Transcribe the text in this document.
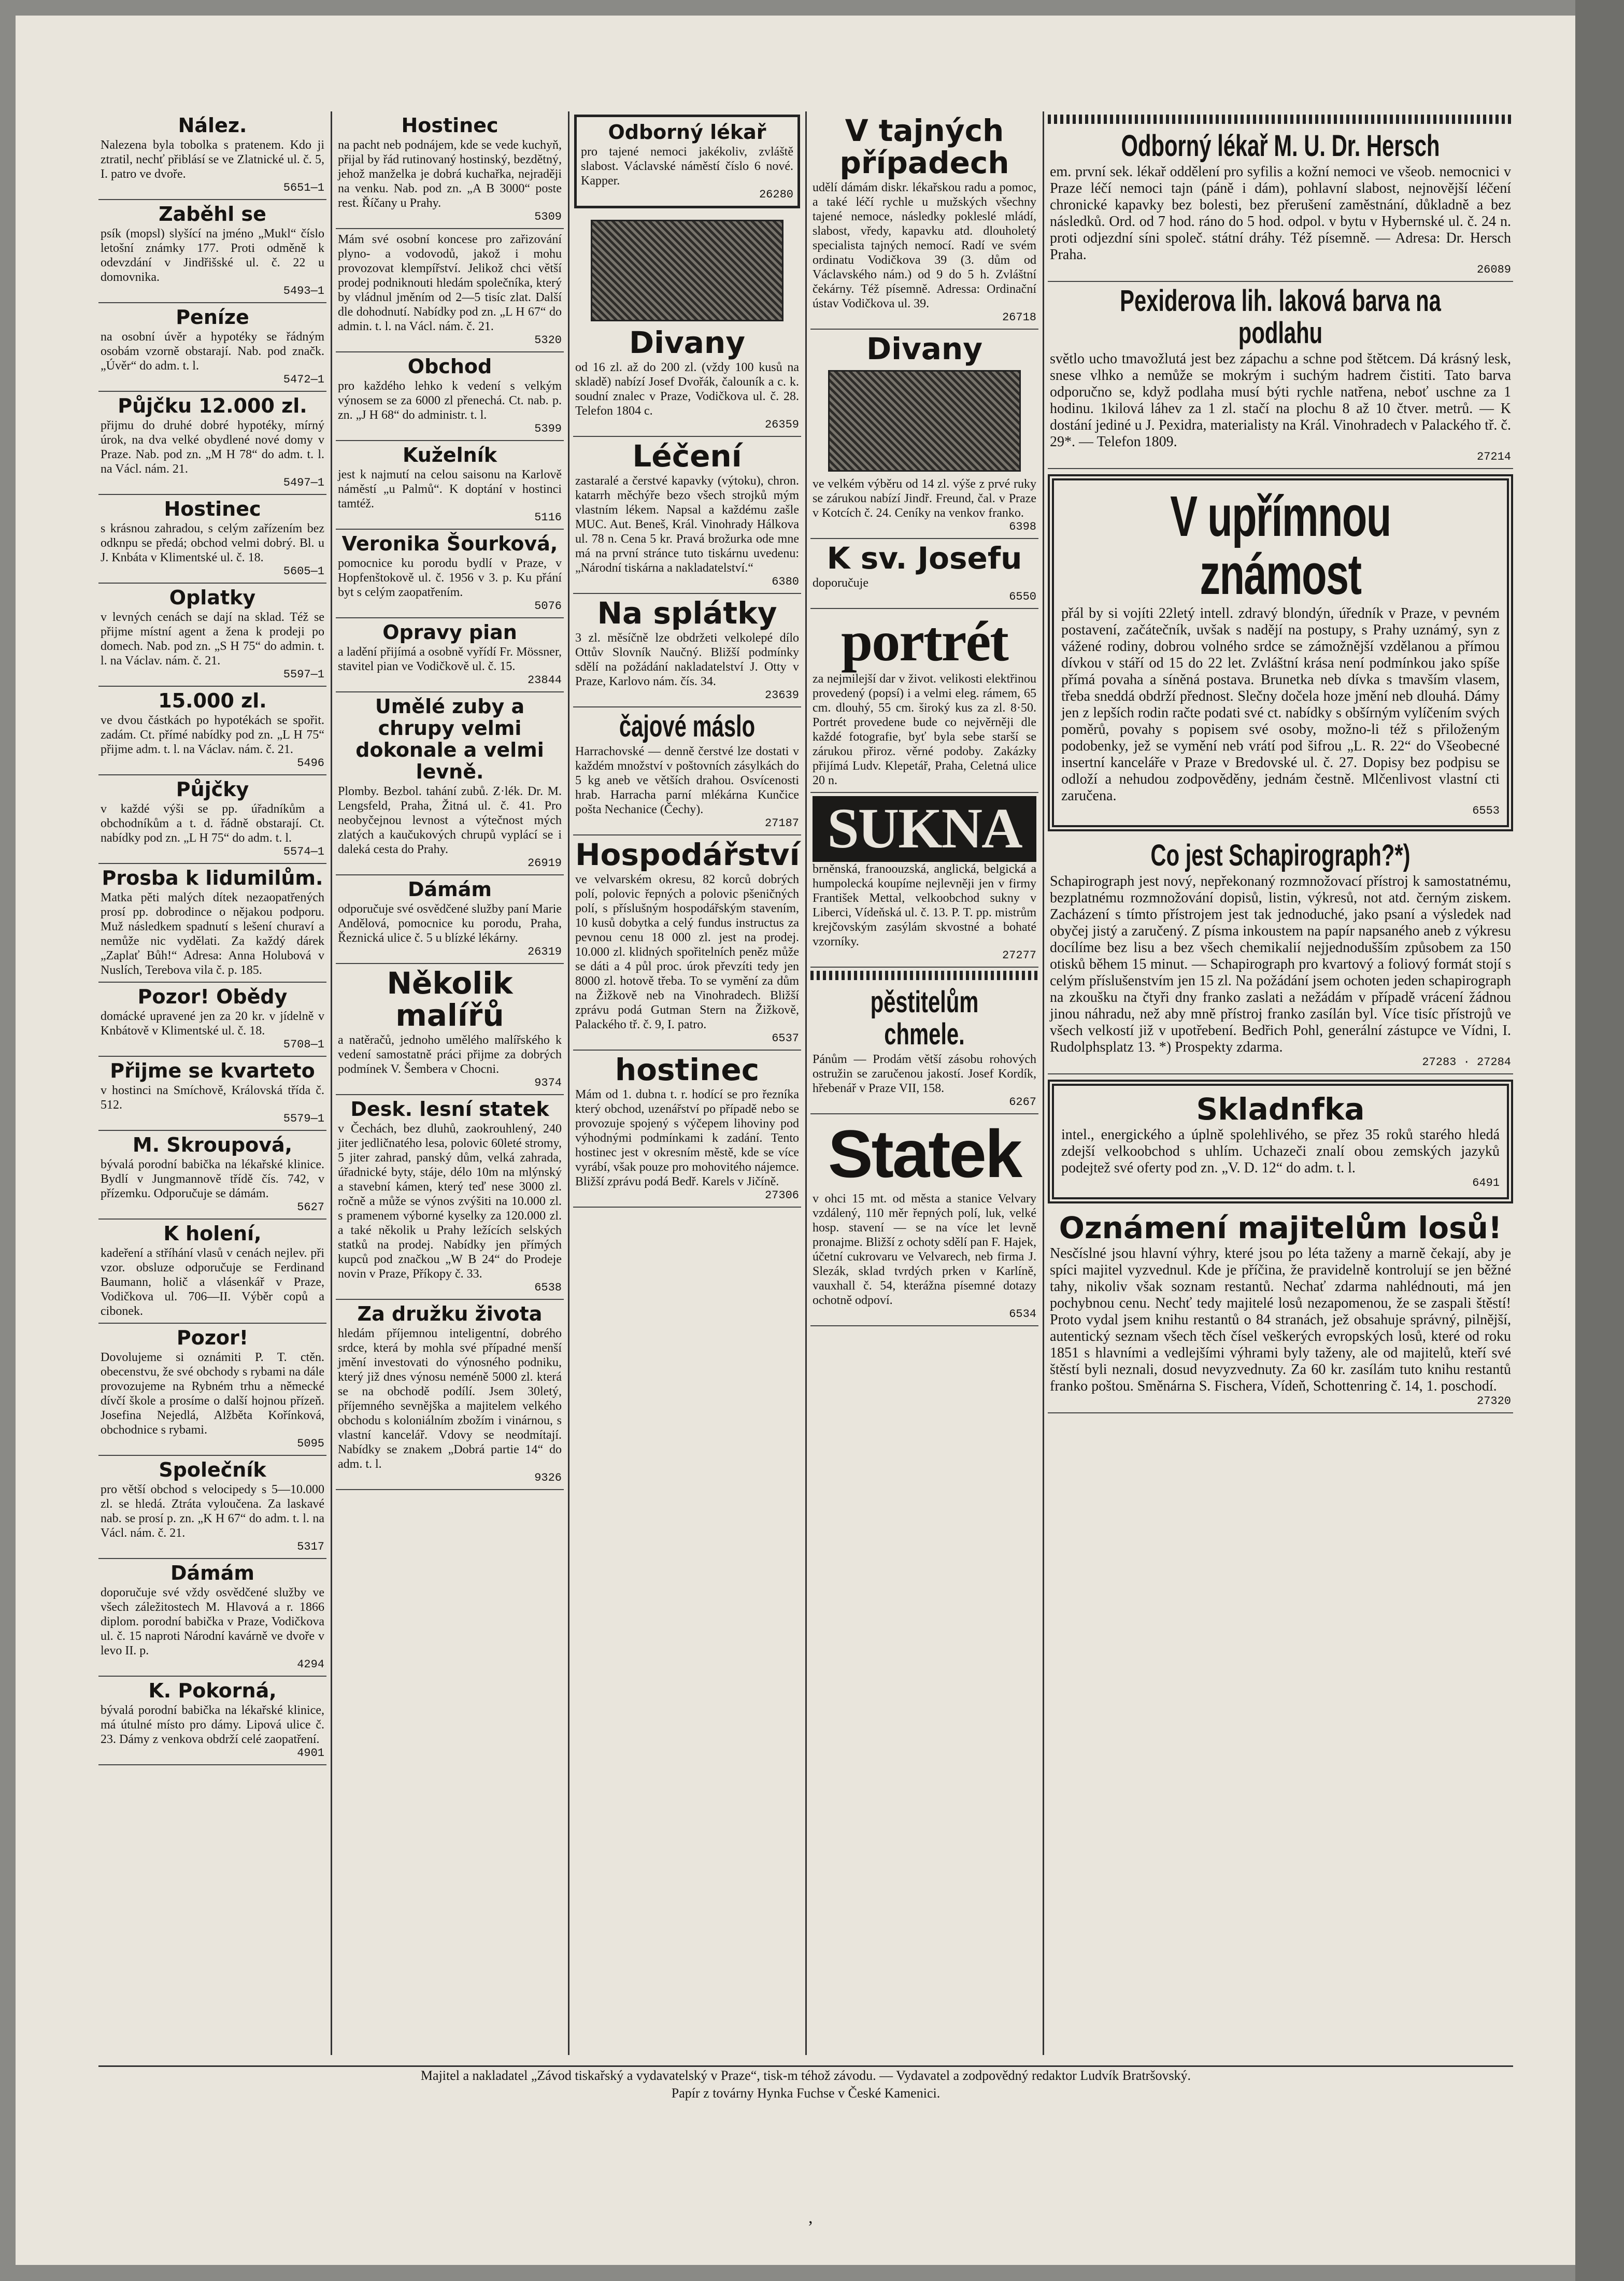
Nález.
Nalezena byla tobolka s pratenem. Kdo ji ztratil, nechť přiblásí se ve Zlatnické ul. č. 5, I. patro ve dvoře.
5651—1
Zaběhl se
psík (mopsl) slyšící na jméno „Mukl“ číslo letošní známky 177. Proti odměně k odevzdání v Jindřišské ul. č. 22 u domovnika.
5493—1
Peníze
na osobní úvěr a hypotéky se řádným osobám vzorně obstarají. Nab. pod značk. „Úvěr“ do adm. t. l.
5472—1
Půjčku 12.000 zl.
přijmu do druhé dobré hypotéky, mírný úrok, na dva velké obydlené nové domy v Praze. Nab. pod zn. „M H 78“ do adm. t. l. na Václ. nám. 21.
5497—1
Hostinec
s krásnou zahradou, s celým zařízením bez odknpu se předá; obchod velmi dobrý. Bl. u J. Knbáta v Klimentské ul. č. 18.
5605—1
Oplatky
v levných cenách se dají na sklad. Též se přijme místní agent a žena k prodeji po domech. Nab. pod zn. „S H 75“ do admin. t. l. na Václav. nám. č. 21.
5597—1
15.000 zl.
ve dvou částkách po hypotékách se spořit. zadám. Ct. přímé nabídky pod zn. „L H 75“ přijme adm. t. l. na Václav. nám. č. 21.
5496
Půjčky
v každé výši se pp. úřadníkům a obchodníkům a t. d. řádně obstarají. Ct. nabídky pod zn. „L H 75“ do adm. t. l.
5574—1
Prosba k lidumilům.
Matka pěti malých dítek nezaopatřených prosí pp. dobrodince o nějakou podporu. Muž následkem spadnutí s lešení churaví a nemůže nic vydělati. Za každý dárek „Zaplať Bůh!“ Adresa: Anna Holubová v Nuslích, Terebova vila č. p. 185.
Pozor! Obědy
domácké upravené jen za 20 kr. v jídelně v Knbátově v Klimentské ul. č. 18.
5708—1
Přijme se kvarteto
v hostinci na Smíchově, Královská třída č. 512.
5579—1
M. Skroupová,
bývalá porodní babička na lékařské klinice. Bydlí v Jungmannově třídě čís. 742, v přízemku. Odporučuje se dámám.
5627
K holení,
kadeření a stříhání vlasů v cenách nejlev. při vzor. obsluze odporučuje se Ferdinand Baumann, holič a vlásenkář v Praze, Vodičkova ul. 706—II. Výběr copů a cibonek.
Pozor!
Dovolujeme si oznámiti P. T. ctěn. obecenstvu, že své obchody s rybami na dále provozujeme na Rybném trhu a německé dívčí škole a prosíme o další hojnou přízeň. Josefina Nejedlá, Alžběta Kořínková, obchodnice s rybami.
5095
Společník
pro větší obchod s velocipedy s 5—10.000 zl. se hledá. Ztráta vyloučena. Za laskavé nab. se prosí p. zn. „K H 67“ do adm. t. l. na Václ. nám. č. 21.
5317
Dámám
doporučuje své vždy osvědčené služby ve všech záležitostech M. Hlavová a r. 1866 diplom. porodní babička v Praze, Vodičkova ul. č. 15 naproti Národní kavárně ve dvoře v levo II. p.
4294
K. Pokorná,
bývalá porodní babička na lékařské klinice, má útulné místo pro dámy. Lipová ulice č. 23. Dámy z venkova obdrží celé zaopatření.
4901
Hostinec
na pacht neb podnájem, kde se vede kuchyň, přijal by řád rutinovaný hostinský, bezdětný, jehož manželka je dobrá kuchařka, nejraději na venku. Nab. pod zn. „A B 3000“ poste rest. Říčany u Prahy.
5309
Mám své osobní koncese pro zařizování plyno- a vodovodů, jakož i mohu provozovat klempířství. Jelikož chci větší prodej podniknouti hledám společníka, který by vládnul jměním od 2—5 tisíc zlat. Další dle dohodnutí. Nabídky pod zn. „L H 67“ do admin. t. l. na Václ. nám. č. 21.
5320
Obchod
pro každého lehko k vedení s velkým výnosem se za 6000 zl přenechá. Ct. nab. p. zn. „J H 68“ do administr. t. l.
5399
Kuželník
jest k najmutí na celou saisonu na Karlově náměstí „u Palmů“. K doptání v hostinci tamtéž.
5116
Veronika Šourková,
pomocnice ku porodu bydlí v Praze, v Hopfenštokově ul. č. 1956 v 3. p. Ku přání byt s celým zaopatřením.
5076
Opravy pian
a ladění přijímá a osobně vyřídí Fr. Mössner, stavitel pian ve Vodičkově ul. č. 15.
23844
Umělé zuby a chrupy velmi dokonale a velmi levně.
Plomby. Bezbol. tahání zubů. Z·lék. Dr. M. Lengsfeld, Praha, Žitná ul. č. 41. Pro neobyčejnou levnost a výtečnost mých zlatých a kaučukových chrupů vyplácí se i daleká cesta do Prahy.
26919
Dámám
odporučuje své osvědčené služby paní Marie Andělová, pomocnice ku porodu, Praha, Řeznická ulice č. 5 u blízké lékárny.
26319
Několik malířů
a natěračů, jednoho umělého malířského k vedení samostatně práci přijme za dobrých podmínek V. Šembera v Chocni.
9374
Desk. lesní statek
v Čechách, bez dluhů, zaokrouhlený, 240 jiter jedličnatého lesa, polovic 60leté stromy, 5 jiter zahrad, panský dům, velká zahrada, úřadnické byty, stáje, délo 10m na mlýnský a stavební kámen, který teď nese 3000 zl. ročně a může se výnos zvýšiti na 10.000 zl. s pramenem výborné kyselky za 120.000 zl. a také několik u Prahy ležících selských statků na prodej. Nabídky jen přímých kupců pod značkou „W B 24“ do Prodeje novin v Praze, Příkopy č. 33.
6538
Za družku života
hledám příjemnou inteligentní, dobrého srdce, která by mohla své případné menší jmění investovati do výnosného podniku, který již dnes výnosu neméně 5000 zl. která se na obchodě podílí. Jsem 30letý, příjemného sevnějška a majitelem velkého obchodu s koloniálním zbožím i vinárnou, s vlastní kancelář. Vdovy se neodmítají. Nabídky se znakem „Dobrá partie 14“ do adm. t. l.
9326
Odborný lékař
pro tajené nemoci jakékoliv, zvláště slabost. Václavské náměstí číslo 6 nové. Kapper.
26280
Divany
od 16 zl. až do 200 zl. (vždy 100 kusů na skladě) nabízí Josef Dvořák, čalouník a c. k. soudní znalec v Praze, Vodičkova ul. č. 28. Telefon 1804 c.
26359
Léčení
zastaralé a čerstvé kapavky (výtoku), chron. katarrh měchýře bezo všech strojků mým vlastním lékem. Napsal a každému zašle MUC. Aut. Beneš, Král. Vinohrady Hálkova ul. 78 n. Cena 5 kr. Pravá brožurka ode mne má na první stránce tuto tiskárnu uvedenu: „Národní tiskárna a nakladatelství.“
6380
Na splátky
3 zl. měsíčně lze obdržeti velkolepé dílo Ottův Slovník Naučný. Bližší podmínky sdělí na požádání nakladatelství J. Otty v Praze, Karlovo nám. čís. 34.
23639
čajové máslo
Harrachovské — denně čerstvé lze dostati v každém množství v poštovních zásylkách do 5 kg aneb ve větších drahou. Osvícenosti hrab. Harracha parní mlékárna Kunčice pošta Nechanice (Čechy).
27187
Hospodářství
ve velvarském okresu, 82 korců dobrých polí, polovic řepných a polovic pšeničných polí, s příslušným hospodářským stavením, 10 kusů dobytka a celý fundus instructus za pevnou cenu 18 000 zl. jest na prodej. 10.000 zl. klidných spořitelních peněz může se dáti a 4 půl proc. úrok převzíti tedy jen 8000 zl. hotově třeba. To se vymění za dům na Žižkově neb na Vinohradech. Bližší zprávu podá Gutman Stern na Žižkově, Palackého tř. č. 9, I. patro.
6537
hostinec
Mám od 1. dubna t. r. hodící se pro řezníka který obchod, uzenářství po případě nebo se provozuje spojený s výčepem lihoviny pod výhodnými podmínkami k zadání. Tento hostinec jest v okresním městě, kde se více vyrábí, však pouze pro mohovitého nájemce. Bližší zprávu podá Bedř. Karels v Jičíně.
27306
V tajných případech
udělí dámám diskr. lékařskou radu a pomoc, a také léčí rychle u mužských všechny tajené nemoce, následky pokleslé mládí, slabost, vředy, kapavku atd. dlouholetý specialista tajných nemocí. Radí ve svém ordinatu Vodičkova 39 (3. dům od Václavského nám.) od 9 do 5 h. Zvláštní čekárny. Též písemně. Adressa: Ordinační ústav Vodičkova ul. 39.
26718
Divany
ve velkém výběru od 14 zl. výše z prvé ruky se zárukou nabízí Jindř. Freund, čal. v Praze v Kotcích č. 24. Ceníky na venkov franko.
6398
K sv. Josefu
doporučuje
6550
portrét
za nejmilejší dar v život. velikosti elektřinou provedený (popsí) i a velmi eleg. rámem, 65 cm. dlouhý, 55 cm. široký kus za zl. 8·50. Portrét provedene bude co nejvěrněji dle každé fotografie, byť byla sebe starší se zárukou přiroz. věrné podoby. Zakázky přijímá Ludv. Klepetář, Praha, Celetná ulice 20 n.
SUKNA
brněnská, franoouzská, anglická, belgická a humpolecká koupíme nejlevněji jen v firmy František Mettal, velkoobchod sukny v Liberci, Vídeňská ul. č. 13. P. T. pp. mistrům krejčovským zasýlám skvostné a bohaté vzorníky.
27277
pěstitelům chmele.
Pánům — Prodám větší zásobu rohových ostružin se zaručenou jakostí. Josef Kordík, hřebenář v Praze VII, 158.
6267
Statek
v ohci 15 mt. od města a stanice Velvary vzdálený, 110 měr řepných polí, luk, velké hosp. stavení — se na více let levně pronajme. Bližší z ochoty sdělí pan F. Hajek, účetní cukrovaru ve Velvarech, neb firma J. Slezák, sklad tvrdých prken v Karlíně, vauxhall č. 54, kterážna písemné dotazy ochotně odpoví.
6534
Odborný lékař M. U. Dr. Hersch
em. první sek. lékař oddělení pro syfilis a kožní nemoci ve všeob. nemocnici v Praze léčí nemoci tajn (páně i dám), pohlavní slabost, nejnovější léčení chronické kapavky bez bolesti, bez přerušení zaměstnání, důkladně a bez následků. Ord. od 7 hod. ráno do 5 hod. odpol. v bytu v Hybernské ul. č. 24 n. proti odjezdní síni společ. státní dráhy. Též písemně. — Adresa: Dr. Hersch Praha.
26089
Pexiderova lih. laková barva na podlahu
světlo ucho tmavožlutá jest bez zápachu a schne pod štětcem. Dá krásný lesk, snese vlhko a nemůže se mokrým i suchým hadrem čistiti. Tato barva odporučno se, když podlaha musí býti rychle natřena, neboť uschne za 1 hodinu. 1kilová láhev za 1 zl. stačí na plochu 8 až 10 čtver. metrů. — K dostání jediné u J. Pexidra, materialisty na Král. Vinohradech v Palackého tř. č. 29*. — Telefon 1809.
27214
V upřímnou známost
přál by si vojíti 22letý intell. zdravý blondýn, úředník v Praze, v pevném postavení, začátečník, uvšak s nadějí na postupy, s Prahy uznámý, syn z vážené rodiny, dobrou volného srdce se zámožnější vzdělanou a přímou dívkou v stáří od 15 do 22 let. Zvláštní krása není podmínkou jako spíše přímá povaha a síněná postava. Brunetka neb dívka s tmavším vlasem, třeba sneddá obdrží přednost. Slečny dočela hoze jmění neb dlouhá. Dámy jen z lepších rodin račte podati své ct. nabídky s obšírným vylíčením svých poměrů, povahy s popisem své osoby, možno-li též s přiloženým podobenky, jež se vymění neb vrátí pod šifrou „L. R. 22“ do Všeobecné insertní kanceláře v Praze v Bredovské ul. č. 27. Dopisy bez podpisu se odloží a nehudou zodpověděny, jednám čestně. Mlčenlivost vlastní cti zaručena.
6553
Co jest Schapirograph?*)
Schapirograph jest nový, nepřekonaný rozmnožovací přístroj k samostatnému, bezplatnému rozmnožování dopisů, listin, výkresů, not atd. černým ziskem. Zacházení s tímto přístrojem jest tak jednoduché, jako psaní a výsledek nad obyčej jistý a zaručený. Z písma inkoustem na papír napsaného aneb z výkresu docílíme bez lisu a bez všech chemikalií nejjednodušším způsobem za 150 otisků během 15 minut. — Schapirograph pro kvartový a foliový formát stojí s celým příslušenstvím jen 15 zl. Na požádání jsem ochoten jeden schapirograph na zkoušku na čtyři dny franko zaslati a nežádám v případě vrácení žádnou jinou náhradu, než aby mně přístroj franko zasílán byl. Více tisíc přístrojů ve všech velkostí již v upotřebení. Bedřich Pohl, generální zástupce ve Vídni, I. Rudolphsplatz 13. *) Prospekty zdarma.
27283 · 27284
Skladnfka
intel., energického a úplně spolehlivého, se přez 35 roků starého hledá zdejší velkoobchod s uhlím. Uchazeči znalí obou zemských jazyků podejtež své oferty pod zn. „V. D. 12“ do adm. t. l.
6491
Oznámení majitelům losů!
Nesčíslné jsou hlavní výhry, které jsou po léta taženy a marně čekají, aby je spíci majitel vyzvednul. Kde je příčina, že pravidelně kontrolují se jen běžné tahy, nikoliv však soznam restantů. Nechať zdarma nahlédnouti, má jen pochybnou cenu. Nechť tedy majitelé losů nezapomenou, že se zaspali štěstí! Proto vydal jsem knihu restantů o 84 stranách, jež obsahuje správný, pilnější, autentický seznam všech těch čísel veškerých evropských losů, které od roku 1851 s hlavními a vedlejšími výhrami byly taženy, ale od majitelů, kteří své štěstí byli neznali, dosud nevyzvednuty. Za 60 kr. zasílám tuto knihu restantů franko poštou. Směnárna S. Fischera, Vídeň, Schottenring č. 14, 1. poschodí.
27320
Majitel a nakladatel „Závod tiskařský a vydavatelský v Praze“, tisk‑m téhož závodu. — Vydavatel a zodpovědný redaktor Ludvík Bratršovský.
Papír z továrny Hynka Fuchse v České Kamenici.
,
